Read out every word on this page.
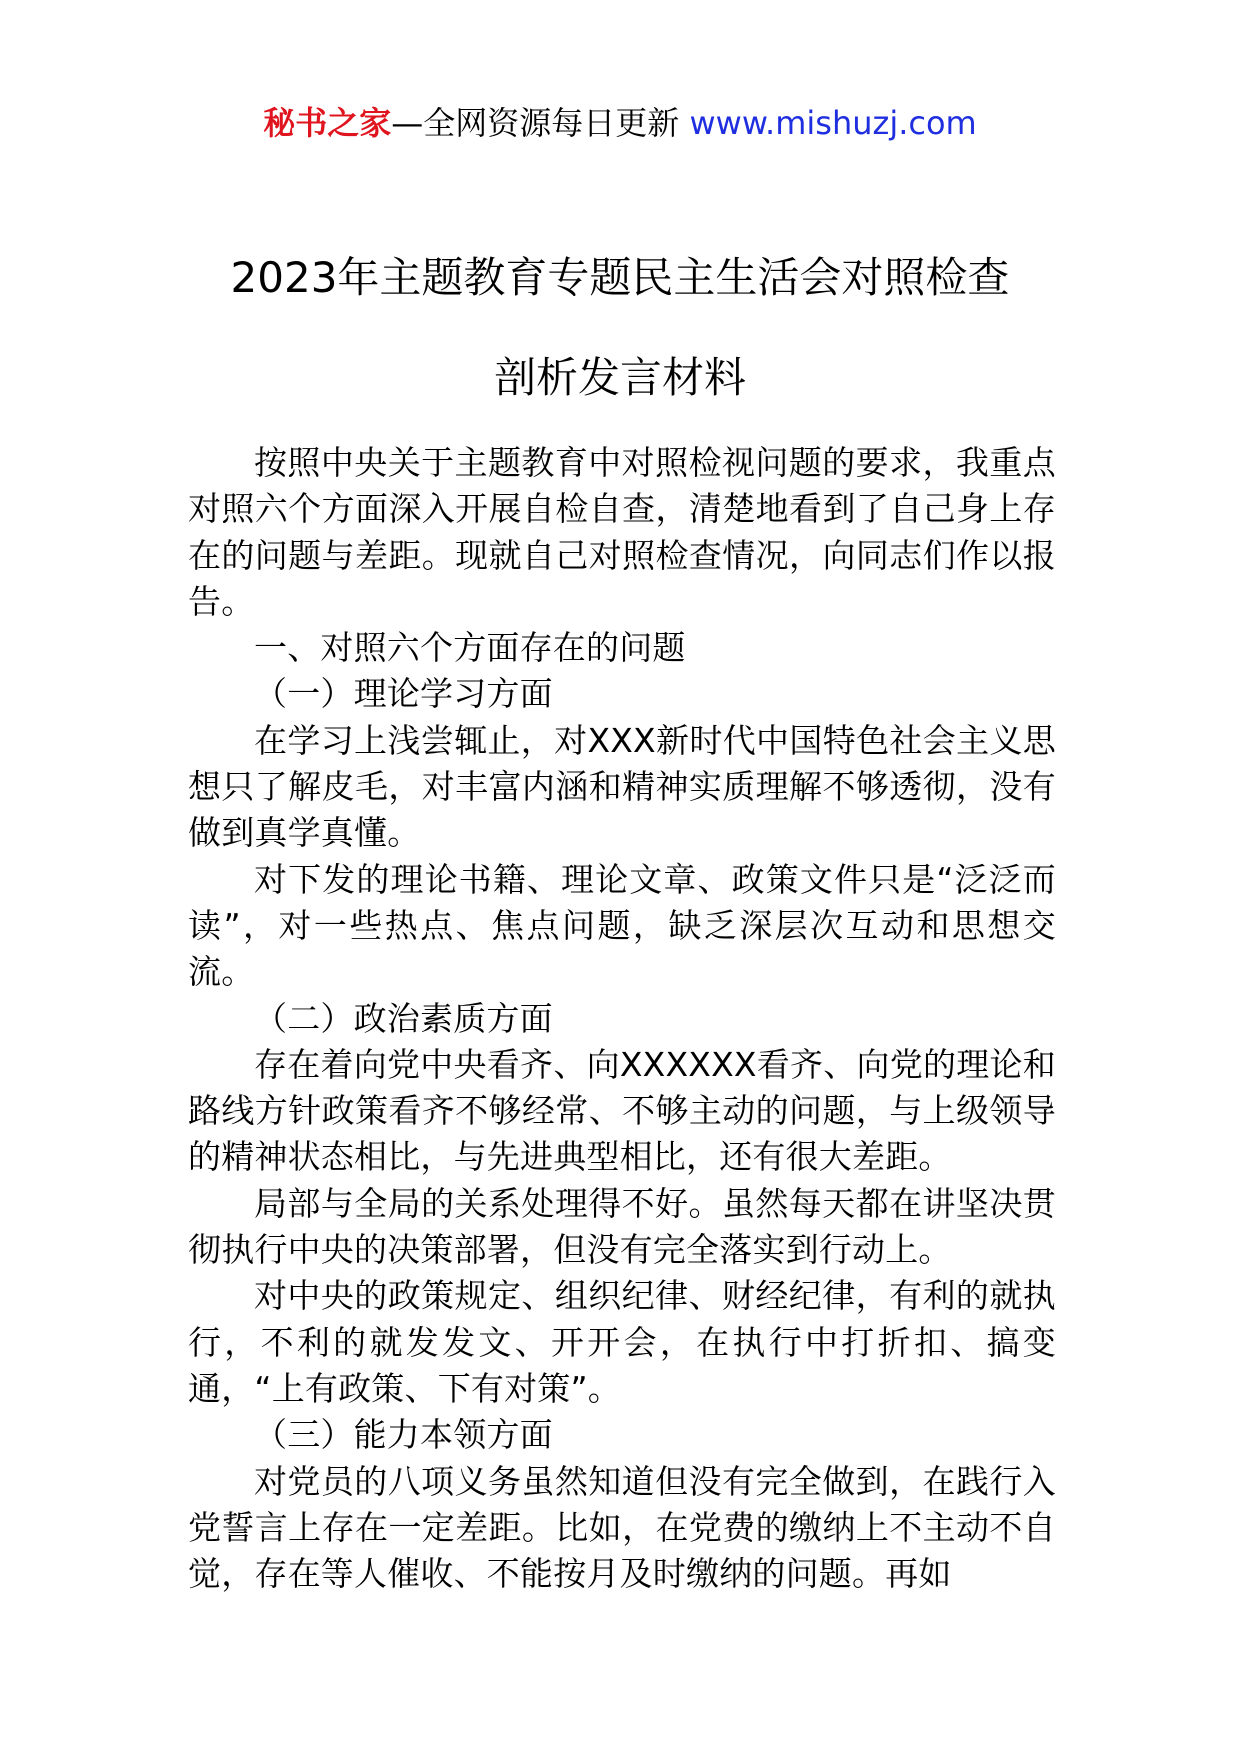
秘书之家—全网资源每日更新 www.mishuzj.com
2023年主题教育专题民主生活会对照检查
剖析发言材料

按照中央关于主题教育中对照检视问题的要求，我重点对照六个方面深入开展自检自查，清楚地看到了自己身上存在的问题与差距。现就自己对照检查情况，向同志们作以报告。

一、对照六个方面存在的问题

（一）理论学习方面

在学习上浅尝辄止，对XXX新时代中国特色社会主义思想只了解皮毛，对丰富内涵和精神实质理解不够透彻，没有做到真学真懂。

对下发的理论书籍、理论文章、政策文件只是“泛泛而读”，对一些热点、焦点问题，缺乏深层次互动和思想交流。

（二）政治素质方面

存在着向党中央看齐、向XXXXXX看齐、向党的理论和路线方针政策看齐不够经常、不够主动的问题，与上级领导的精神状态相比，与先进典型相比，还有很大差距。

局部与全局的关系处理得不好。虽然每天都在讲坚决贯彻执行中央的决策部署，但没有完全落实到行动上。

对中央的政策规定、组织纪律、财经纪律，有利的就执行，不利的就发发文、开开会，在执行中打折扣、搞变通，“上有政策、下有对策”。

（三）能力本领方面

对党员的八项义务虽然知道但没有完全做到，在践行入党誓言上存在一定差距。比如，在党费的缴纳上不主动不自觉，存在等人催收、不能按月及时缴纳的问题。再如
